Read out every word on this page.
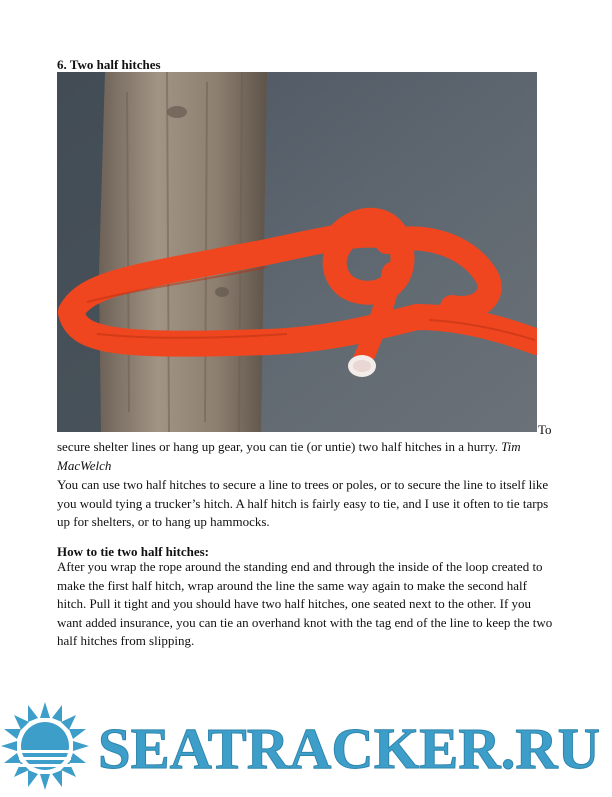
6. Two half hitches
To
secure shelter lines or hang up gear, you can tie (or untie) two half hitches in a hurry. Tim MacWelch
You can use two half hitches to secure a line to trees or poles, or to secure the line to itself like you would tying a trucker’s hitch. A half hitch is fairly easy to tie, and I use it often to tie tarps up for shelters, or to hang up hammocks.
How to tie two half hitches:
After you wrap the rope around the standing end and through the inside of the loop created to make the first half hitch, wrap around the line the same way again to make the second half hitch. Pull it tight and you should have two half hitches, one seated next to the other. If you want added insurance, you can tie an overhand knot with the tag end of the line to keep the two half hitches from slipping.
SEATRACKER.RU
